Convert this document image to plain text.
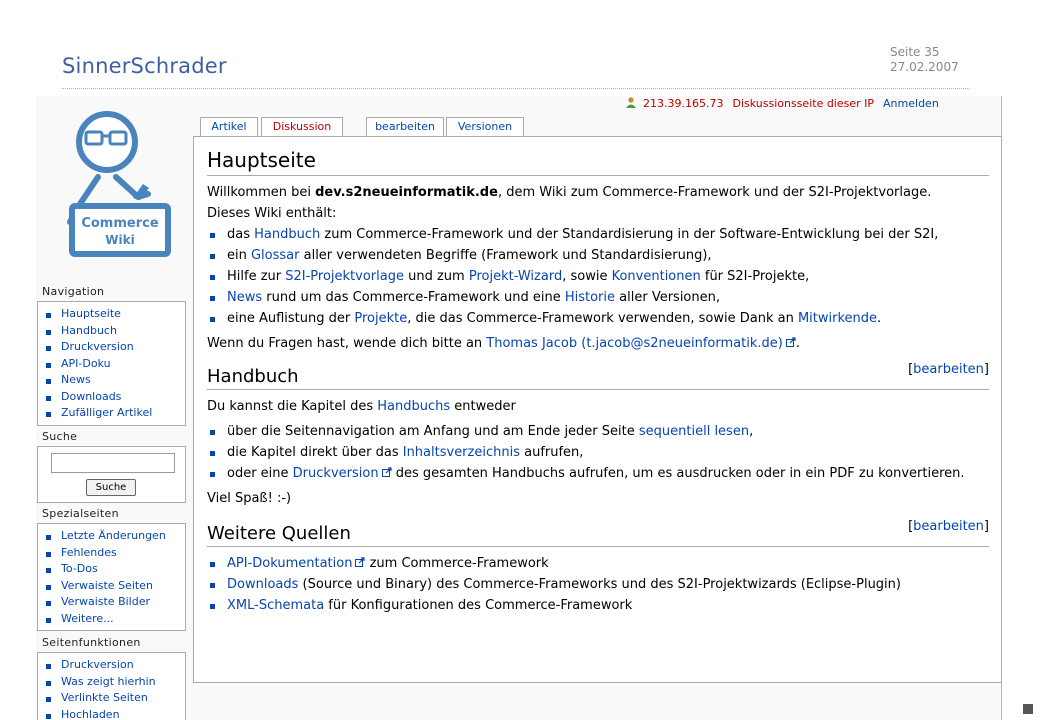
SinnerSchrader
Seite 35
27.02.2007
Commerce
Wiki
Navigation
Hauptseite
Handbuch
Druckversion
API-Doku
News
Downloads
Zufälliger Artikel
Suche
Suche
Spezialseiten
Letzte Änderungen
Fehlendes
To-Dos
Verwaiste Seiten
Verwaiste Bilder
Weitere...
Seitenfunktionen
Druckversion
Was zeigt hierhin
Verlinkte Seiten
Hochladen
213.39.165.73 Diskussionsseite dieser IP Anmelden
Artikel	Diskussion	bearbeiten	Versionen
Hauptseite

Willkommen bei dev.s2neueinformatik.de, dem Wiki zum Commerce-Framework und der S2I-Projektvorlage.

Dieses Wiki enthält:

das Handbuch zum Commerce-Framework und der Standardisierung in der Software-Entwicklung bei der S2I,
ein Glossar aller verwendeten Begriffe (Framework und Standardisierung),
Hilfe zur S2I-Projektvorlage und zum Projekt-Wizard, sowie Konventionen für S2I-Projekte,
News rund um das Commerce-Framework und eine Historie aller Versionen,
eine Auflistung der Projekte, die das Commerce-Framework verwenden, sowie Dank an Mitwirkende.

Wenn du Fragen hast, wende dich bitte an Thomas Jacob (t.jacob@s2neueinformatik.de) .

Handbuch	[bearbeiten]

Du kannst die Kapitel des Handbuchs entweder

über die Seitennavigation am Anfang und am Ende jeder Seite sequentiell lesen,
die Kapitel direkt über das Inhaltsverzeichnis aufrufen,
oder eine Druckversion des gesamten Handbuchs aufrufen, um es ausdrucken oder in ein PDF zu konvertieren.

Viel Spaß! :-)

Weitere Quellen	[bearbeiten]
API-Dokumentation zum Commerce-Framework
Downloads (Source und Binary) des Commerce-Frameworks und des S2I-Projektwizards (Eclipse-Plugin)
XML-Schemata für Konfigurationen des Commerce-Framework
